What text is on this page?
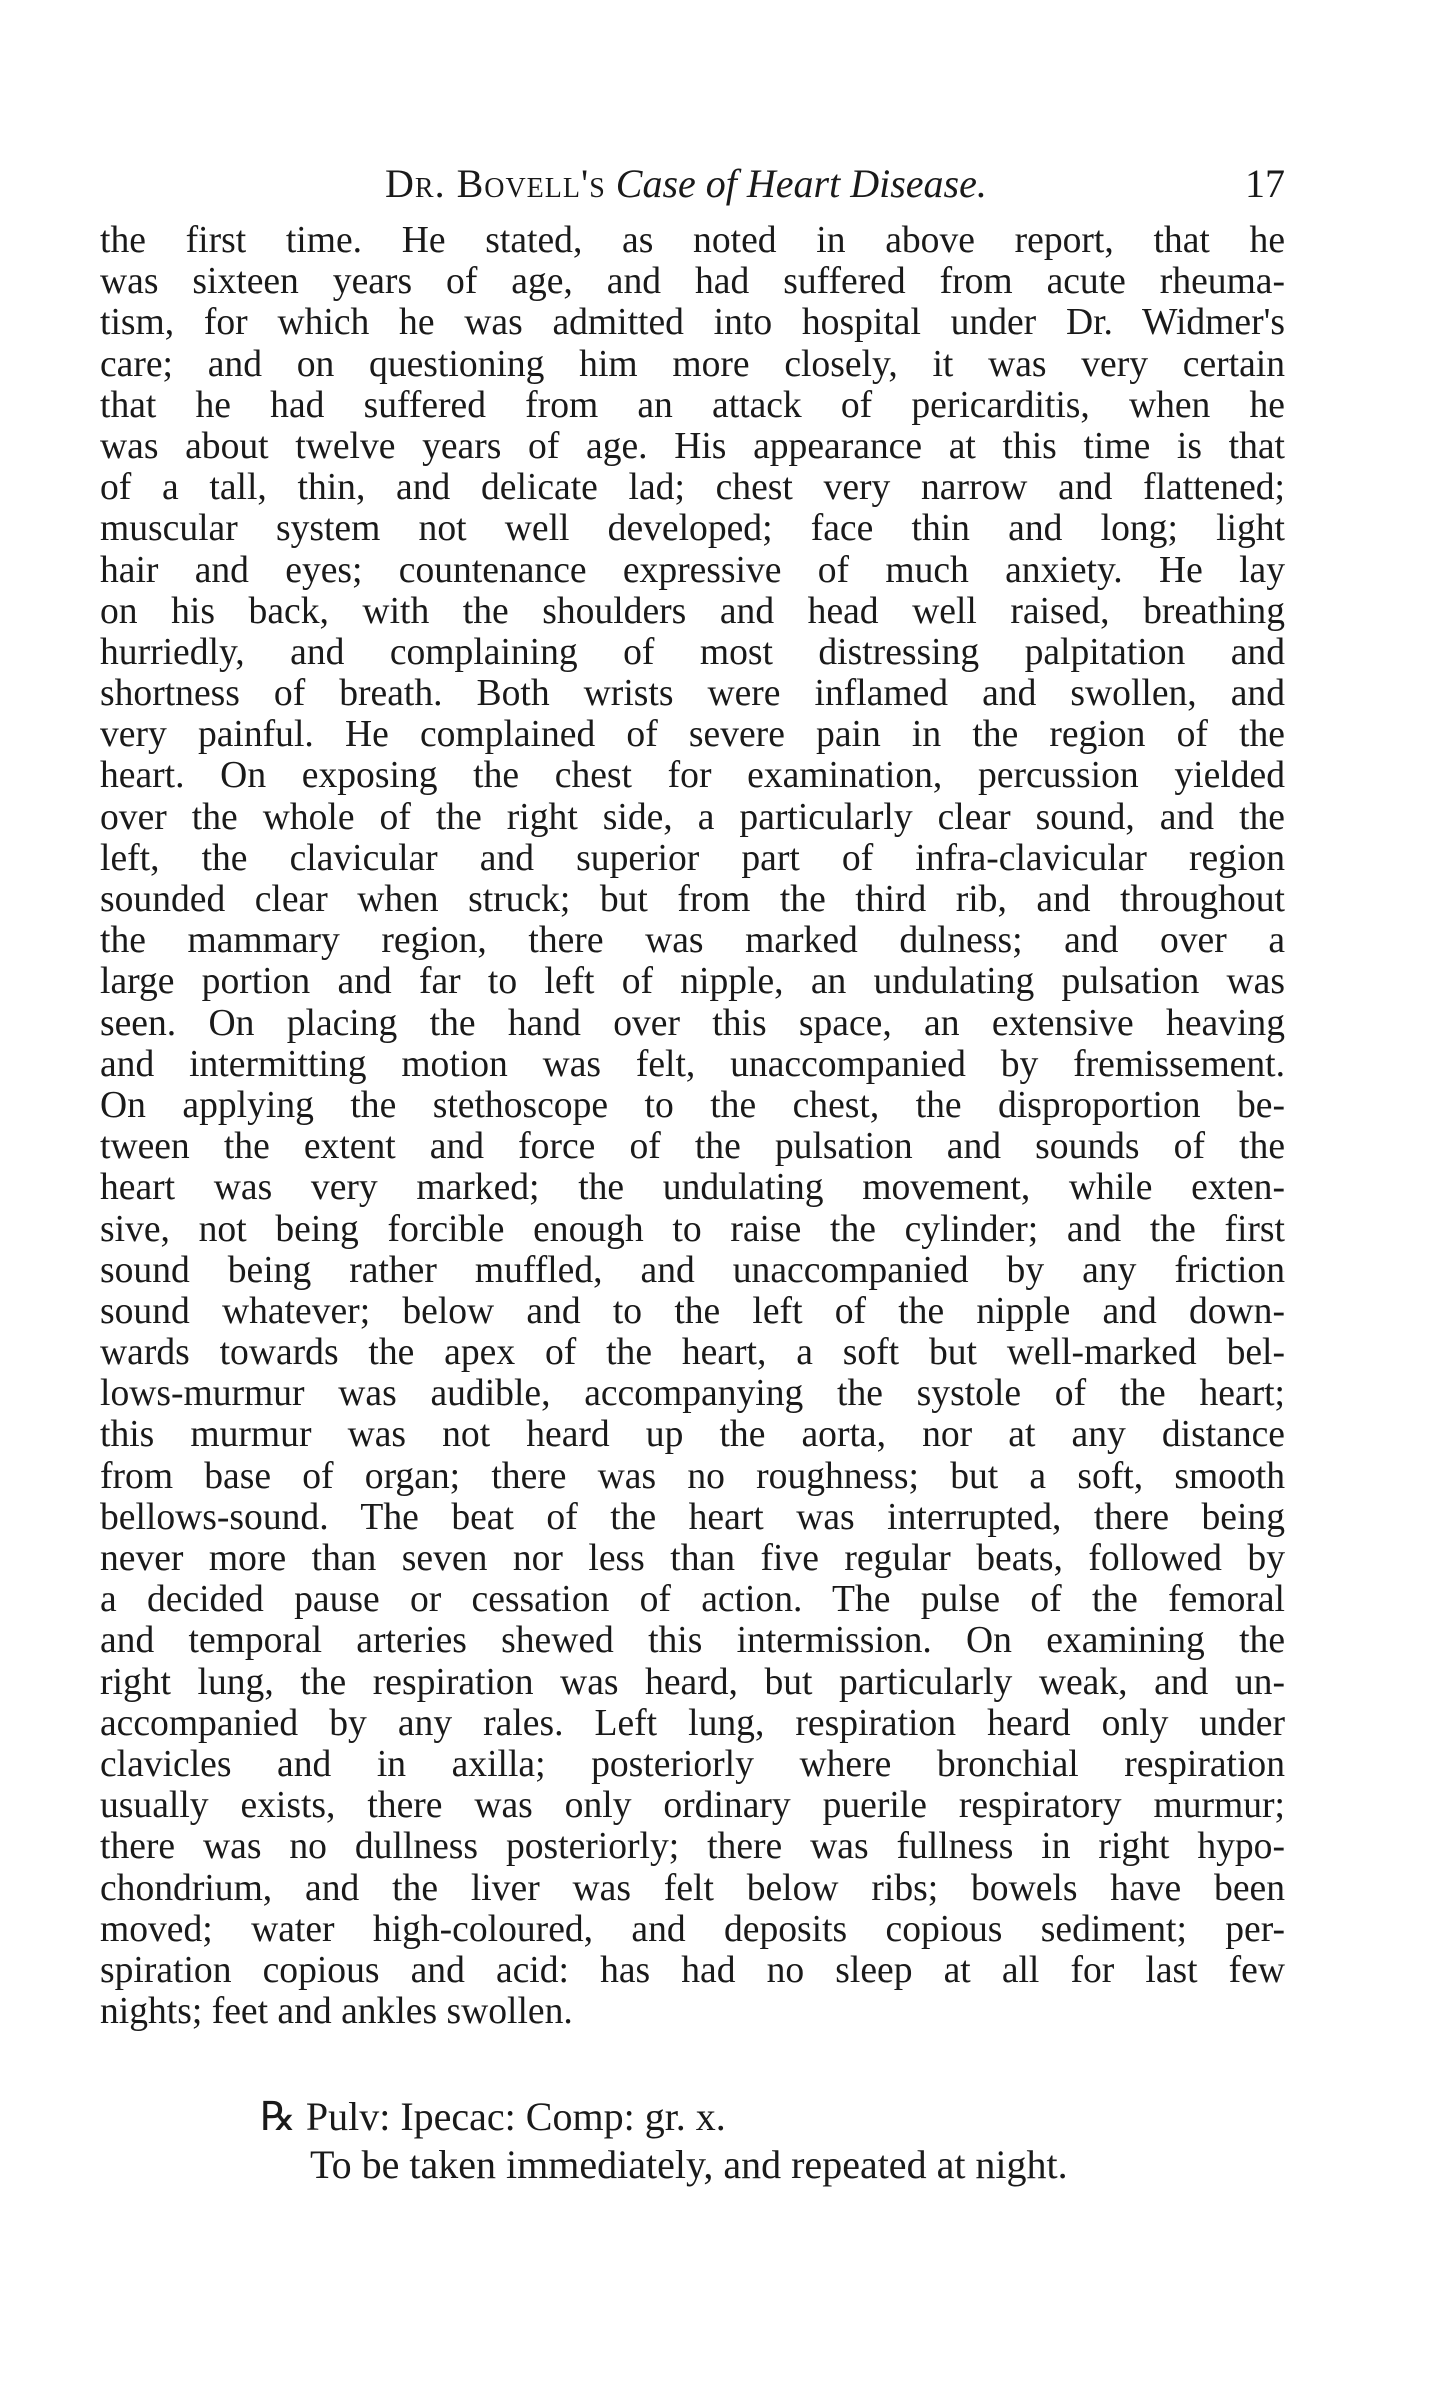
Dr. Bovell's Case of Heart Disease.	17
the first time. He stated, as noted in above report, that he
was sixteen years of age, and had suffered from acute rheuma-
tism, for which he was admitted into hospital under Dr. Widmer's
care; and on questioning him more closely, it was very certain
that he had suffered from an attack of pericarditis, when he
was about twelve years of age. His appearance at this time is that
of a tall, thin, and delicate lad; chest very narrow and flattened;
muscular system not well developed; face thin and long; light
hair and eyes; countenance expressive of much anxiety. He lay
on his back, with the shoulders and head well raised, breathing
hurriedly, and complaining of most distressing palpitation and
shortness of breath. Both wrists were inflamed and swollen, and
very painful. He complained of severe pain in the region of the
heart. On exposing the chest for examination, percussion yielded
over the whole of the right side, a particularly clear sound, and the
left, the clavicular and superior part of infra-clavicular region
sounded clear when struck; but from the third rib, and throughout
the mammary region, there was marked dulness; and over a
large portion and far to left of nipple, an undulating pulsation was
seen. On placing the hand over this space, an extensive heaving
and intermitting motion was felt, unaccompanied by fremissement.
On applying the stethoscope to the chest, the disproportion be-
tween the extent and force of the pulsation and sounds of the
heart was very marked; the undulating movement, while exten-
sive, not being forcible enough to raise the cylinder; and the first
sound being rather muffled, and unaccompanied by any friction
sound whatever; below and to the left of the nipple and down-
wards towards the apex of the heart, a soft but well-marked bel-
lows-murmur was audible, accompanying the systole of the heart;
this murmur was not heard up the aorta, nor at any distance
from base of organ; there was no roughness; but a soft, smooth
bellows-sound. The beat of the heart was interrupted, there being
never more than seven nor less than five regular beats, followed by
a decided pause or cessation of action. The pulse of the femoral
and temporal arteries shewed this intermission. On examining the
right lung, the respiration was heard, but particularly weak, and un-
accompanied by any rales. Left lung, respiration heard only under
clavicles and in axilla; posteriorly where bronchial respiration
usually exists, there was only ordinary puerile respiratory murmur;
there was no dullness posteriorly; there was fullness in right hypo-
chondrium, and the liver was felt below ribs; bowels have been
moved; water high-coloured, and deposits copious sediment; per-
spiration copious and acid: has had no sleep at all for last few
nights; feet and ankles swollen.
℞ Pulv: Ipecac: Comp: gr. x.
To be taken immediately, and repeated at night.
